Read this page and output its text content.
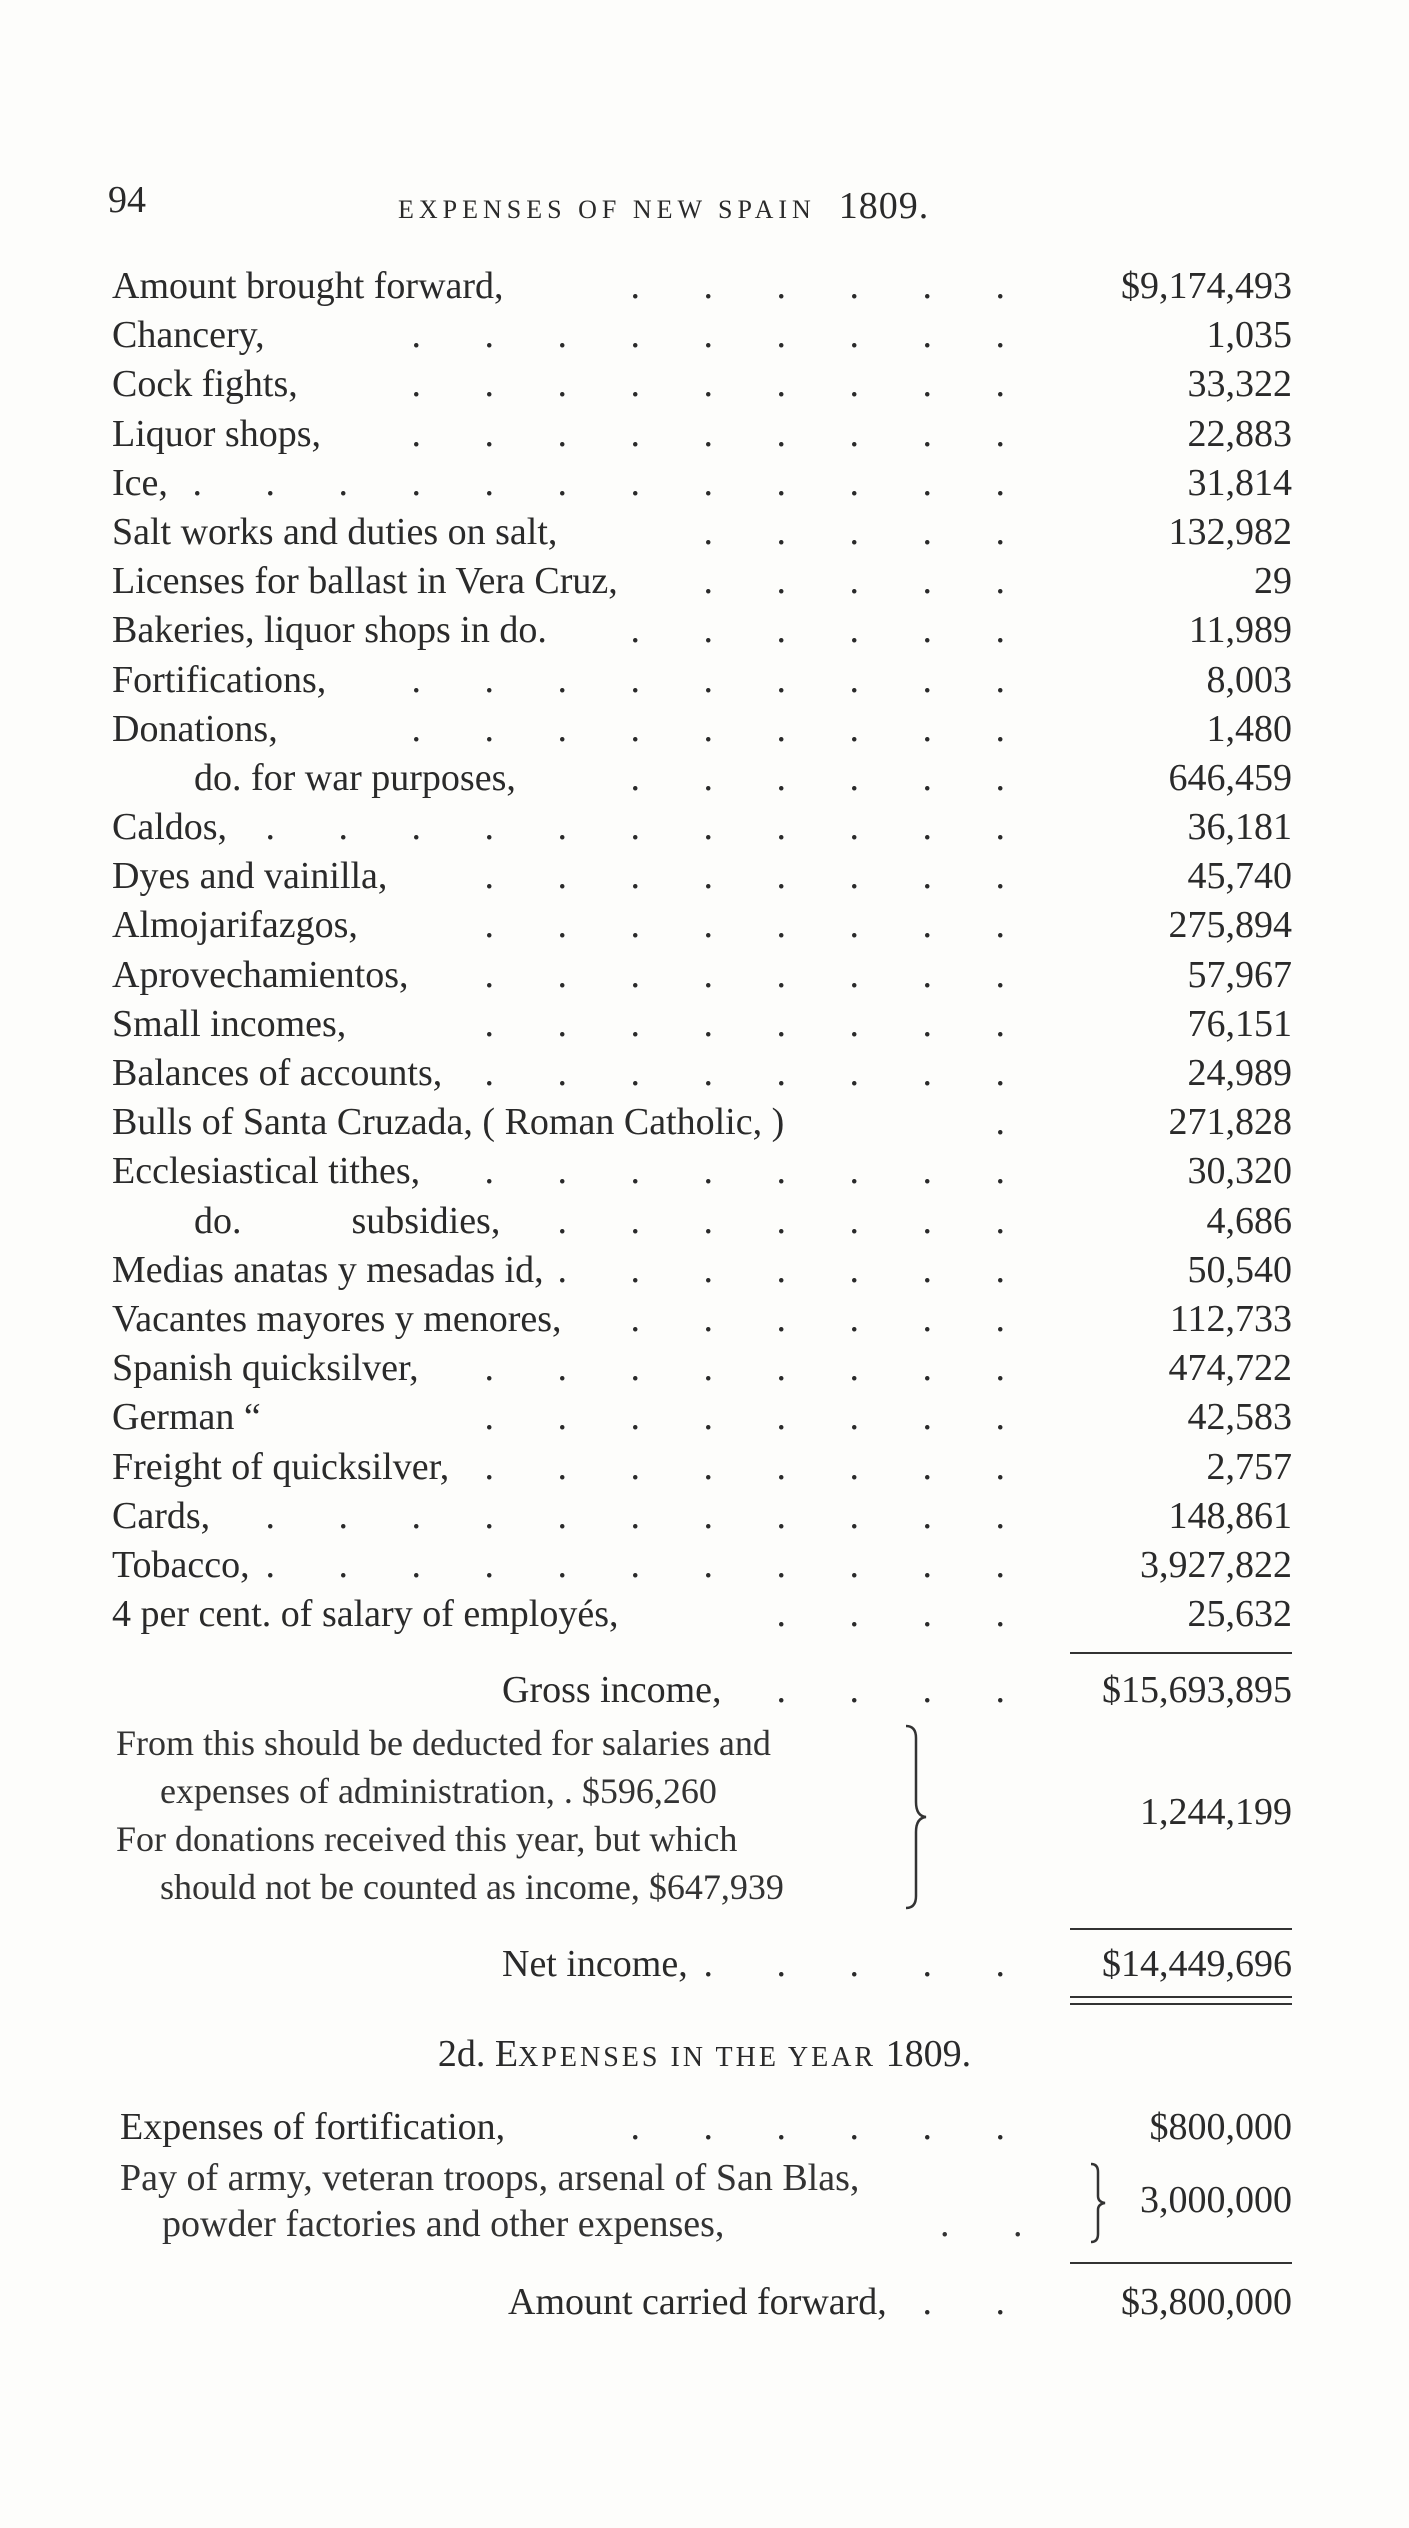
94	EXPENSES OF NEW SPAIN 1809.
Amount brought forward,	. . . . . . $9,174,493
Chancery,	. . . . . . . . .	1,035
Cock fights,	. . . . . . . . .	33,322
Liquor shops,	. . . . . . . . .	22,883
Ice, . . . . . . . . . . . .	31,814
Salt works and duties on salt,	. . . . .	132,982
Licenses for ballast in Vera Cruz,	. . . . .	29
Bakeries, liquor shops in do.	. . . . . .	11,989
Fortifications,	. . . . . . . . .	8,003
Donations,	. . . . . . . . .	1,480
do. for war purposes,	. . . . . .	646,459
Caldos,	. . . . . . . . . . .	36,181
Dyes and vainilla,	. . . . . . . .	45,740
Almojarifazgos,	. . . . . . . .	275,894
Aprovechamientos,	. . . . . . . .	57,967
Small incomes,	. . . . . . . .	76,151
Balances of accounts,	. . . . . . . .	24,989
Bulls of Santa Cruzada, ( Roman Catholic, )	.	271,828
Ecclesiastical tithes,	. . . . . . . .	30,320
do.	subsidies,	. . . . . . .	4,686
Medias anatas y mesadas id, . . . . . . .	50,540
Vacantes mayores y menores,	. . . . . .	112,733
Spanish quicksilver,	. . . . . . . .	474,722
German “	. . . . . . . .	42,583
Freight of quicksilver, . . . . . . . .	2,757
Cards,	. . . . . . . . . . .	148,861
Tobacco, . . . . . . . . . . .	3,927,822
4 per cent. of salary of employés,	. . . .	25,632
Gross income,	. . . . $15,693,895
From this should be deducted for salaries and
expenses of administration, . $596,260
For donations received this year, but which
should not be counted as income, $647,939
1,244,199
Net income, . . . . . $14,449,696
2d. EXPENSES IN THE YEAR 1809.
Expenses of fortification,	. . . . . .	$800,000
Pay of army, veteran troops, arsenal of San Blas,
powder factories and other expenses,	. .
3,000,000
Amount carried forward, . . $3,800,000
